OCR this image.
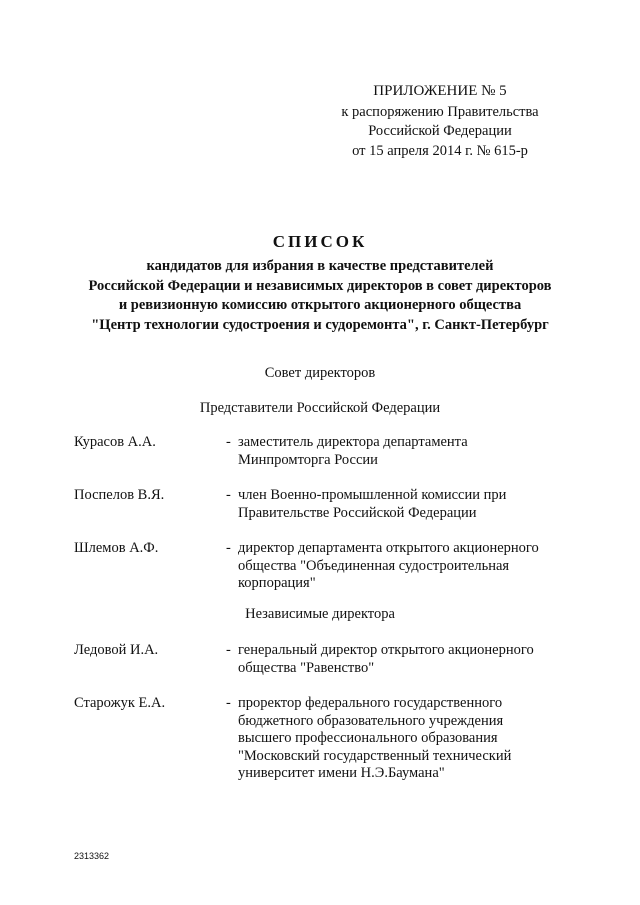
ПРИЛОЖЕНИЕ № 5
к распоряжению Правительства
Российской Федерации
от 15 апреля 2014 г. № 615-р
СПИСОК
кандидатов для избрания в качестве представителей
Российской Федерации и независимых директоров в совет директоров
и ревизионную комиссию открытого акционерного общества
"Центр технологии судостроения и судоремонта", г. Санкт-Петербург
Совет директоров
Представители Российской Федерации
Курасов А.А.	- заместитель директора департамента
Минпромторга России
Поспелов В.Я.	- член Военно-промышленной комиссии при
Правительстве Российской Федерации
Шлемов А.Ф.	- директор департамента открытого акционерного
общества "Объединенная судостроительная
корпорация"
Независимые директора
Ледовой И.А.	- генеральный директор открытого акционерного
общества "Равенство"
Старожук Е.А.	- проректор федерального государственного
бюджетного образовательного учреждения
высшего профессионального образования
"Московский государственный технический
университет имени Н.Э.Баумана"
2313362
